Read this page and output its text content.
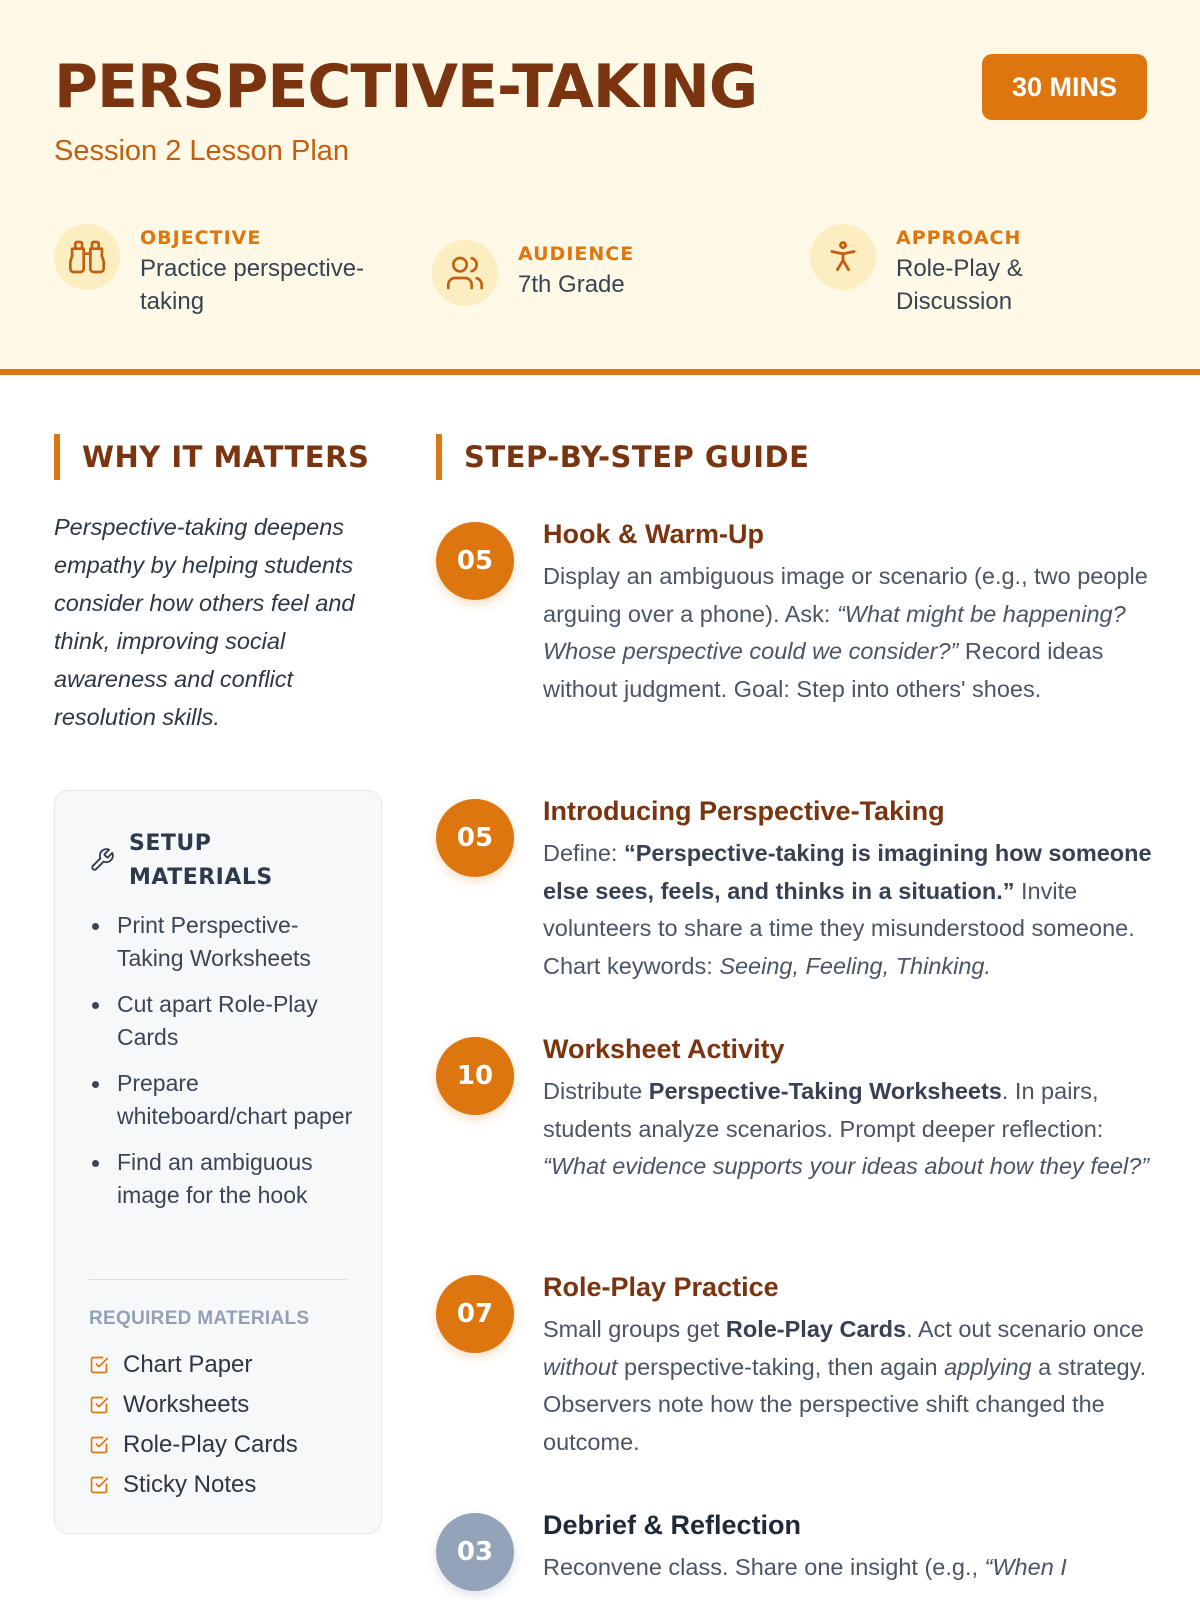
PERSPECTIVE-TAKING
Session 2 Lesson Plan
30 MINS
OBJECTIVE
Practice perspective-taking
AUDIENCE
7th Grade
APPROACH
Role-Play & Discussion
WHY IT MATTERS

Perspective-taking deepens empathy by helping students consider how others feel and think, improving social awareness and conflict resolution skills.

SETUP MATERIALS
Print Perspective-Taking Worksheets
Cut apart Role-Play Cards
Prepare whiteboard/chart paper
Find an ambiguous image for the hook
REQUIRED MATERIALS
Chart Paper
Worksheets
Role-Play Cards
Sticky Notes
STEP-BY-STEP GUIDE
05
Hook & Warm-Up

Display an ambiguous image or scenario (e.g., two people arguing over a phone). Ask: “What might be happening? Whose perspective could we consider?” Record ideas without judgment. Goal: Step into others' shoes.

05
Introducing Perspective-Taking

Define: “Perspective-taking is imagining how someone else sees, feels, and thinks in a situation.” Invite volunteers to share a time they misunderstood someone. Chart keywords: Seeing, Feeling, Thinking.

10
Worksheet Activity

Distribute Perspective-Taking Worksheets. In pairs, students analyze scenarios. Prompt deeper reflection: “What evidence supports your ideas about how they feel?”

07
Role-Play Practice

Small groups get Role-Play Cards. Act out scenario once without perspective-taking, then again applying a strategy. Observers note how the perspective shift changed the outcome.

03
Debrief & Reflection

Reconvene class. Share one insight (e.g., “When I
